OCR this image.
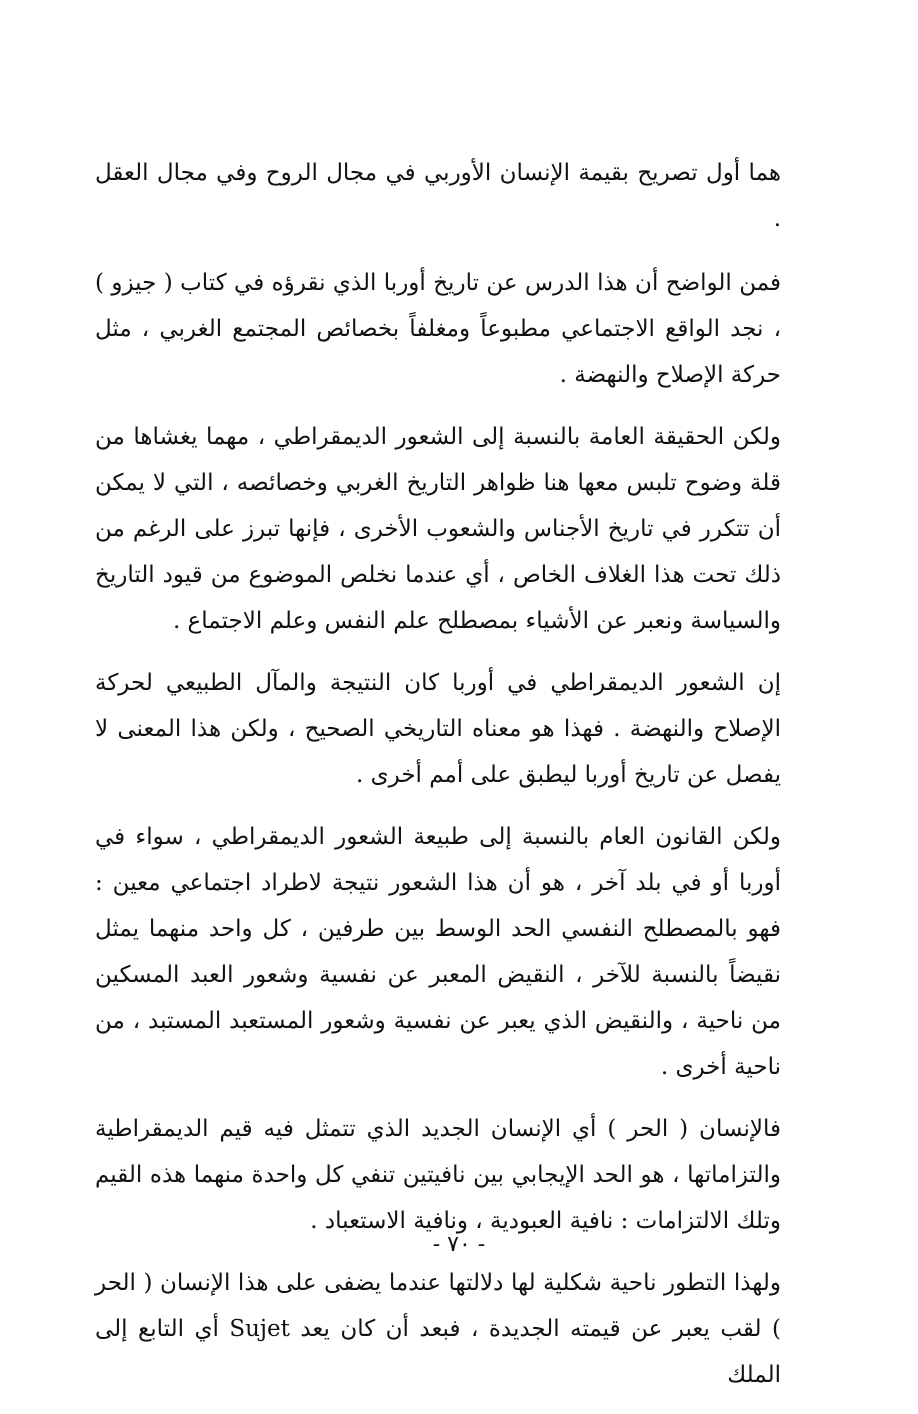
هما أول تصريح بقيمة الإنسان الأوربي في مجال الروح وفي مجال العقل .

فمن الواضح أن هذا الدرس عن تاريخ أوربا الذي نقرؤه في كتاب ( جيزو ) ، نجد الواقع الاجتماعي مطبوعاً ومغلفاً بخصائص المجتمع الغربي ، مثل حركة الإصلاح والنهضة .

ولكن الحقيقة العامة بالنسبة إلى الشعور الديمقراطي ، مهما يغشاها من قلة وضوح تلبس معها هنا ظواهر التاريخ الغربي وخصائصه ، التي لا يمكن أن تتكرر في تاريخ الأجناس والشعوب الأخرى ، فإنها تبرز على الرغم من ذلك تحت هذا الغلاف الخاص ، أي عندما نخلص الموضوع من قيود التاريخ والسياسة ونعبر عن الأشياء بمصطلح علم النفس وعلم الاجتماع .

إن الشعور الديمقراطي في أوربا كان النتيجة والمآل الطبيعي لحركة الإصلاح والنهضة . فهذا هو معناه التاريخي الصحيح ، ولكن هذا المعنى لا يفصل عن تاريخ أوربا ليطبق على أمم أخرى .

ولكن القانون العام بالنسبة إلى طبيعة الشعور الديمقراطي ، سواء في أوربا أو في بلد آخر ، هو أن هذا الشعور نتيجة لاطراد اجتماعي معين : فهو بالمصطلح النفسي الحد الوسط بين طرفين ، كل واحد منهما يمثل نقيضاً بالنسبة للآخر ، النقيض المعبر عن نفسية وشعور العبد المسكين من ناحية ، والنقيض الذي يعبر عن نفسية وشعور المستعبد المستبد ، من ناحية أخرى .

فالإنسان ( الحر ) أي الإنسان الجديد الذي تتمثل فيه قيم الديمقراطية والتزاماتها ، هو الحد الإيجابي بين نافيتين تنفي كل واحدة منهما هذه القيم وتلك الالتزامات : نافية العبودية ، ونافية الاستعباد .

ولهذا التطور ناحية شكلية لها دلالتها عندما يضفى على هذا الإنسان ( الحر ) لقب يعبر عن قيمته الجديدة ، فبعد أن كان يعد Sujet أي التابع إلى الملك

- ٧٠ -
